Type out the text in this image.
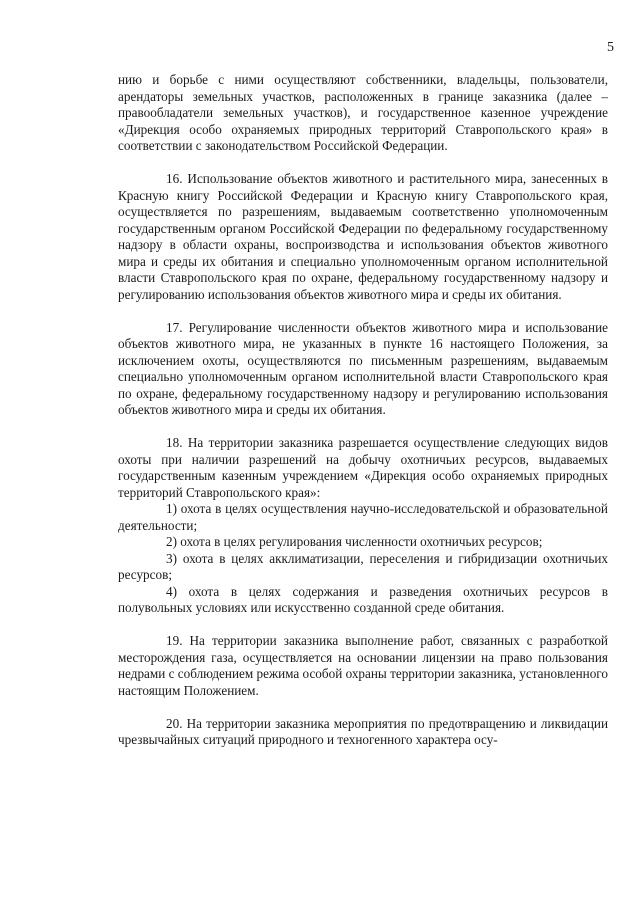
5

нию и борьбе с ними осуществляют собственники, владельцы, пользователи, арендаторы земельных участков, расположенных в границе заказника (далее – правообладатели земельных участков), и государственное казенное учреждение «Дирекция особо охраняемых природных территорий Ставропольского края» в соответствии с законодательством Российской Федерации.

16. Использование объектов животного и растительного мира, занесенных в Красную книгу Российской Федерации и Красную книгу Ставропольского края, осуществляется по разрешениям, выдаваемым соответственно уполномоченным государственным органом Российской Федерации по федеральному государственному надзору в области охраны, воспроизводства и использования объектов животного мира и среды их обитания и специально уполномоченным органом исполнительной власти Ставропольского края по охране, федеральному государственному надзору и регулированию использования объектов животного мира и среды их обитания.

17. Регулирование численности объектов животного мира и использование объектов животного мира, не указанных в пункте 16 настоящего Положения, за исключением охоты, осуществляются по письменным разрешениям, выдаваемым специально уполномоченным органом исполнительной власти Ставропольского края по охране, федеральному государственному надзору и регулированию использования объектов животного мира и среды их обитания.

18. На территории заказника разрешается осуществление следующих видов охоты при наличии разрешений на добычу охотничьих ресурсов, выдаваемых государственным казенным учреждением «Дирекция особо охраняемых природных территорий Ставропольского края»:

1) охота в целях осуществления научно-исследовательской и образовательной деятельности;

2) охота в целях регулирования численности охотничьих ресурсов;

3) охота в целях акклиматизации, переселения и гибридизации охотничьих ресурсов;

4) охота в целях содержания и разведения охотничьих ресурсов в полувольных условиях или искусственно созданной среде обитания.

19. На территории заказника выполнение работ, связанных с разработкой месторождения газа, осуществляется на основании лицензии на право пользования недрами с соблюдением режима особой охраны территории заказника, установленного настоящим Положением.

20. На территории заказника мероприятия по предотвращению и ликвидации чрезвычайных ситуаций природного и техногенного характера осу-
